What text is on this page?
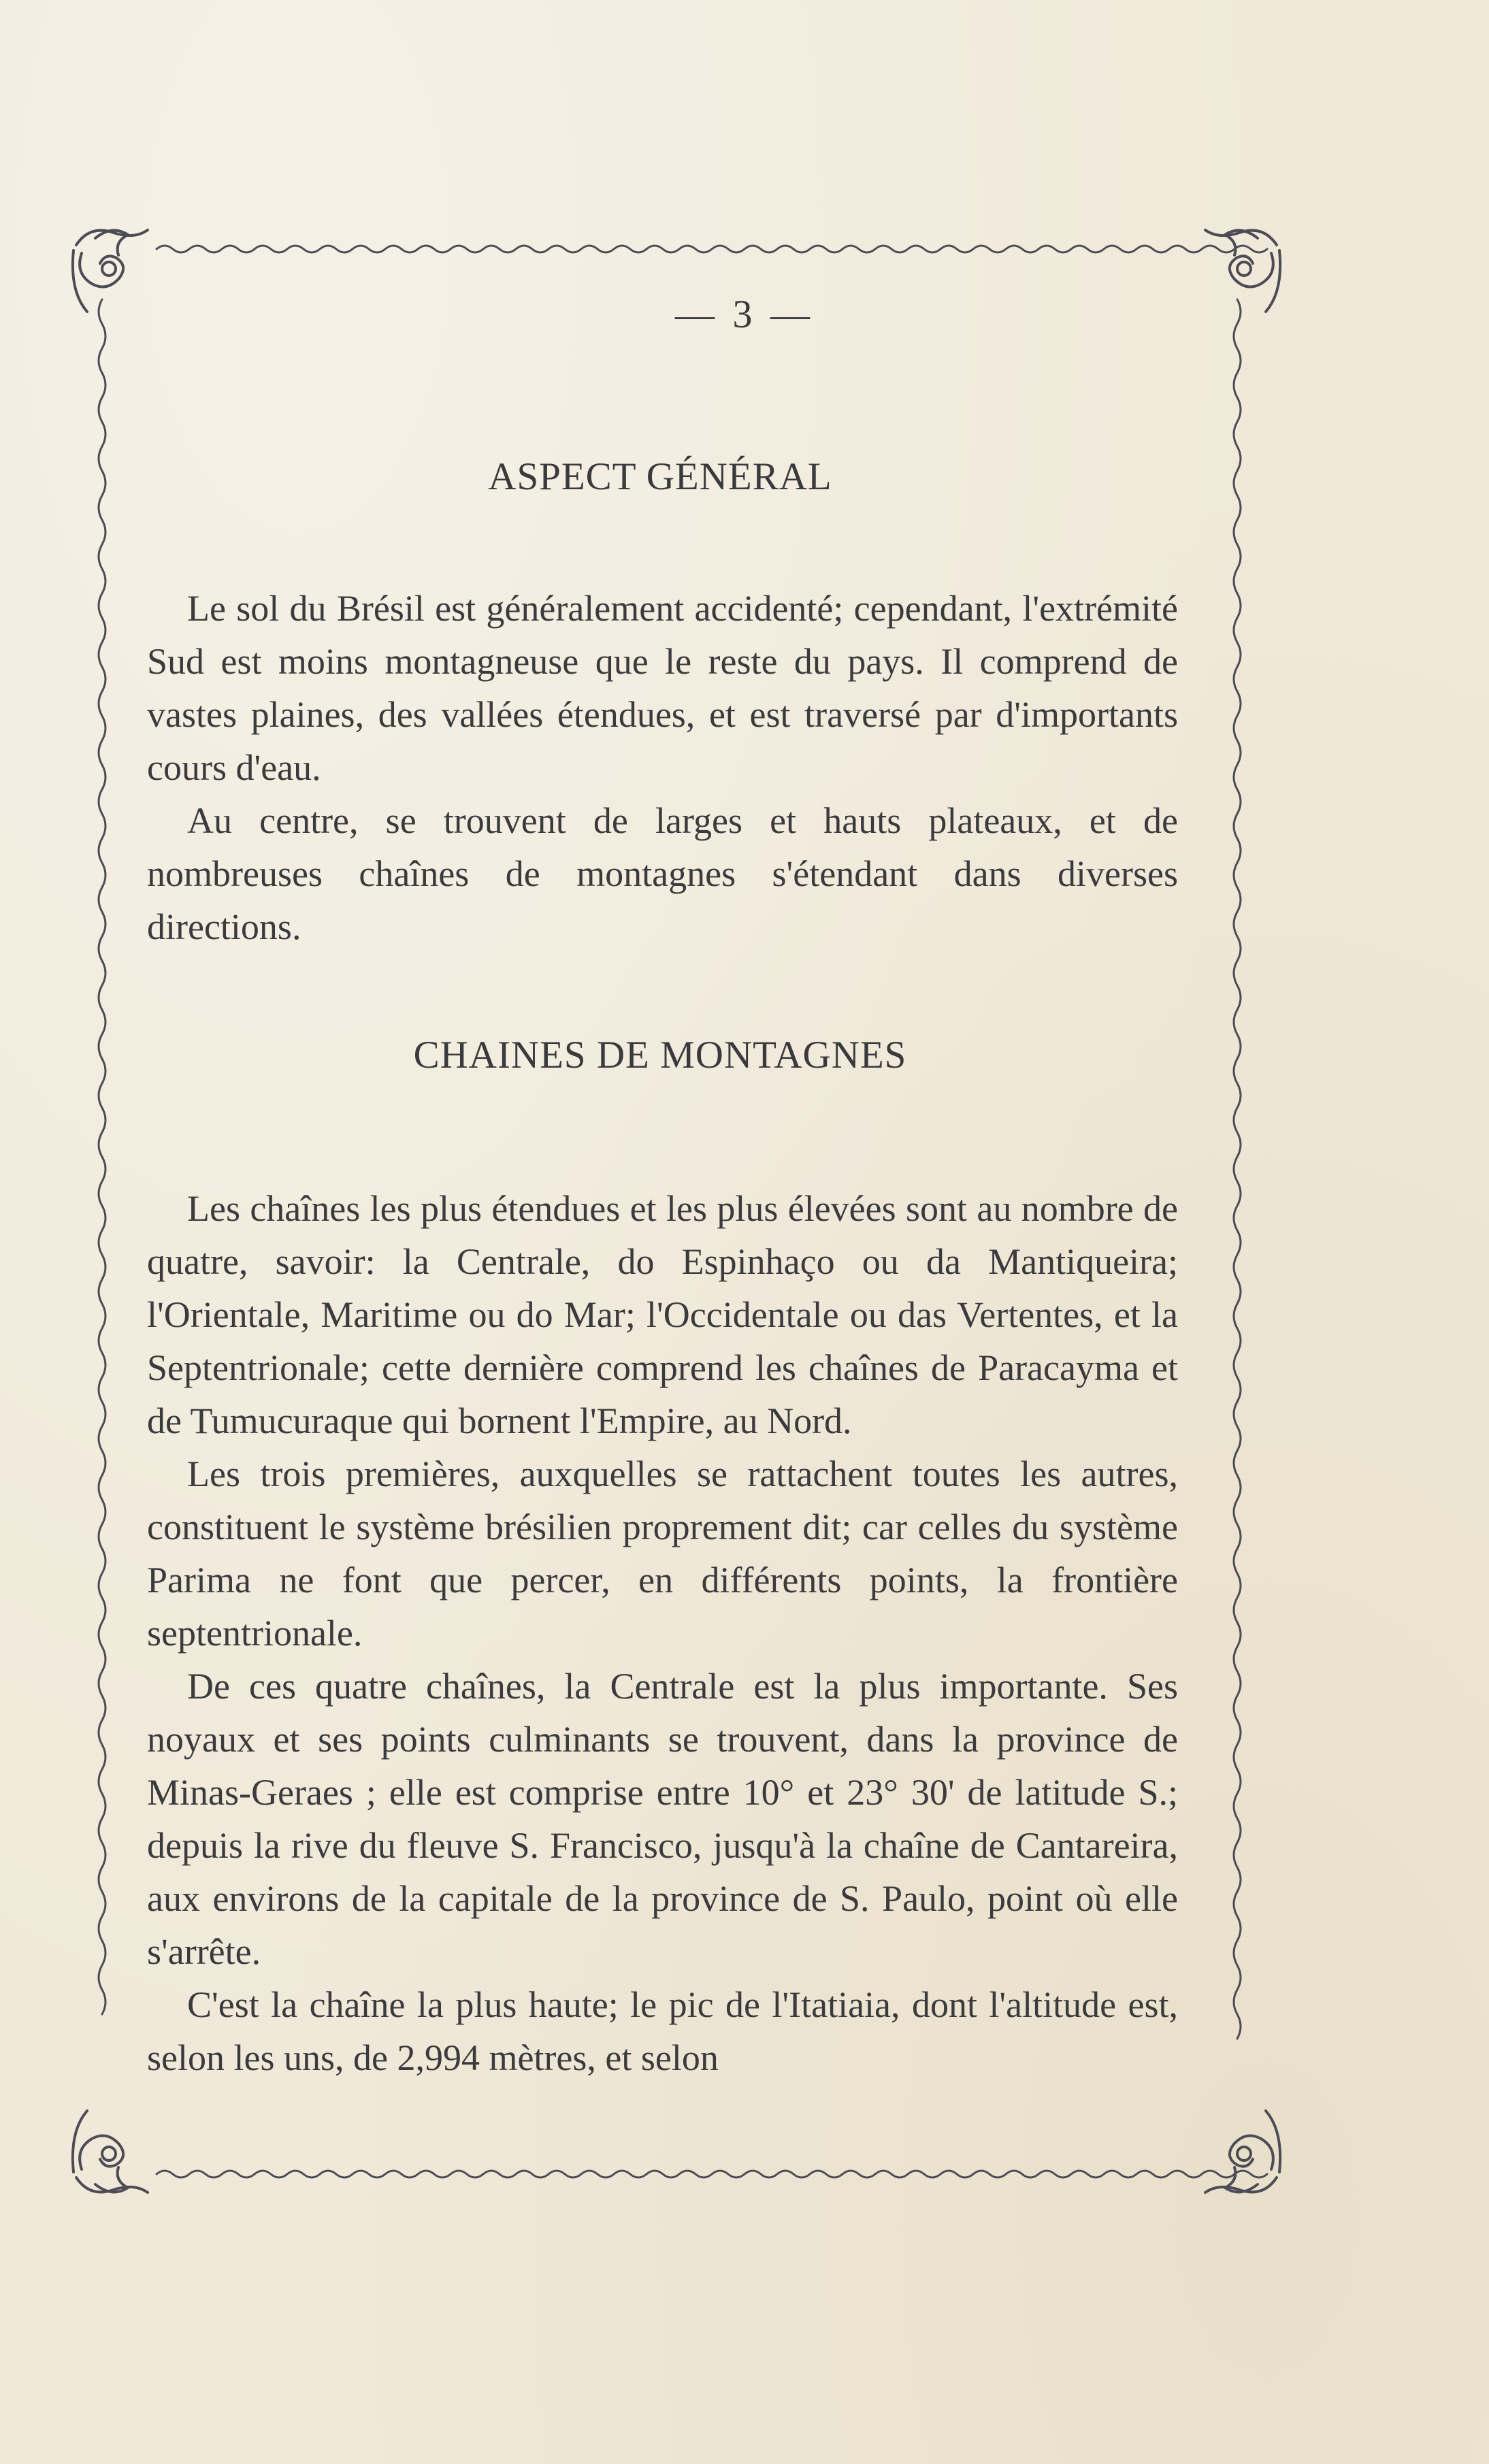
— 3 —
ASPECT GÉNÉRAL

Le sol du Brésil est généralement accidenté; cependant, l'extrémité Sud est moins montagneuse que le reste du pays. Il comprend de vastes plaines, des vallées étendues, et est traversé par d'importants cours d'eau.

Au centre, se trouvent de larges et hauts plateaux, et de nombreuses chaînes de montagnes s'étendant dans diverses directions.

CHAINES DE MONTAGNES

Les chaînes les plus étendues et les plus élevées sont au nombre de quatre, savoir: la Centrale, do Espinhaço ou da Mantiqueira; l'Orientale, Maritime ou do Mar; l'Occidentale ou das Vertentes, et la Septentrionale; cette dernière comprend les chaînes de Paracayma et de Tumucuraque qui bornent l'Empire, au Nord.

Les trois premières, auxquelles se rattachent toutes les autres, constituent le système brésilien proprement dit; car celles du système Parima ne font que percer, en différents points, la frontière septentrionale.

De ces quatre chaînes, la Centrale est la plus importante. Ses noyaux et ses points culminants se trouvent, dans la province de Minas-Geraes ; elle est comprise entre 10° et 23° 30' de latitude S.; depuis la rive du fleuve S. Francisco, jusqu'à la chaîne de Cantareira, aux environs de la capitale de la province de S. Paulo, point où elle s'arrête.

C'est la chaîne la plus haute; le pic de l'Itatiaia, dont l'altitude est, selon les uns, de 2,994 mètres, et selon
